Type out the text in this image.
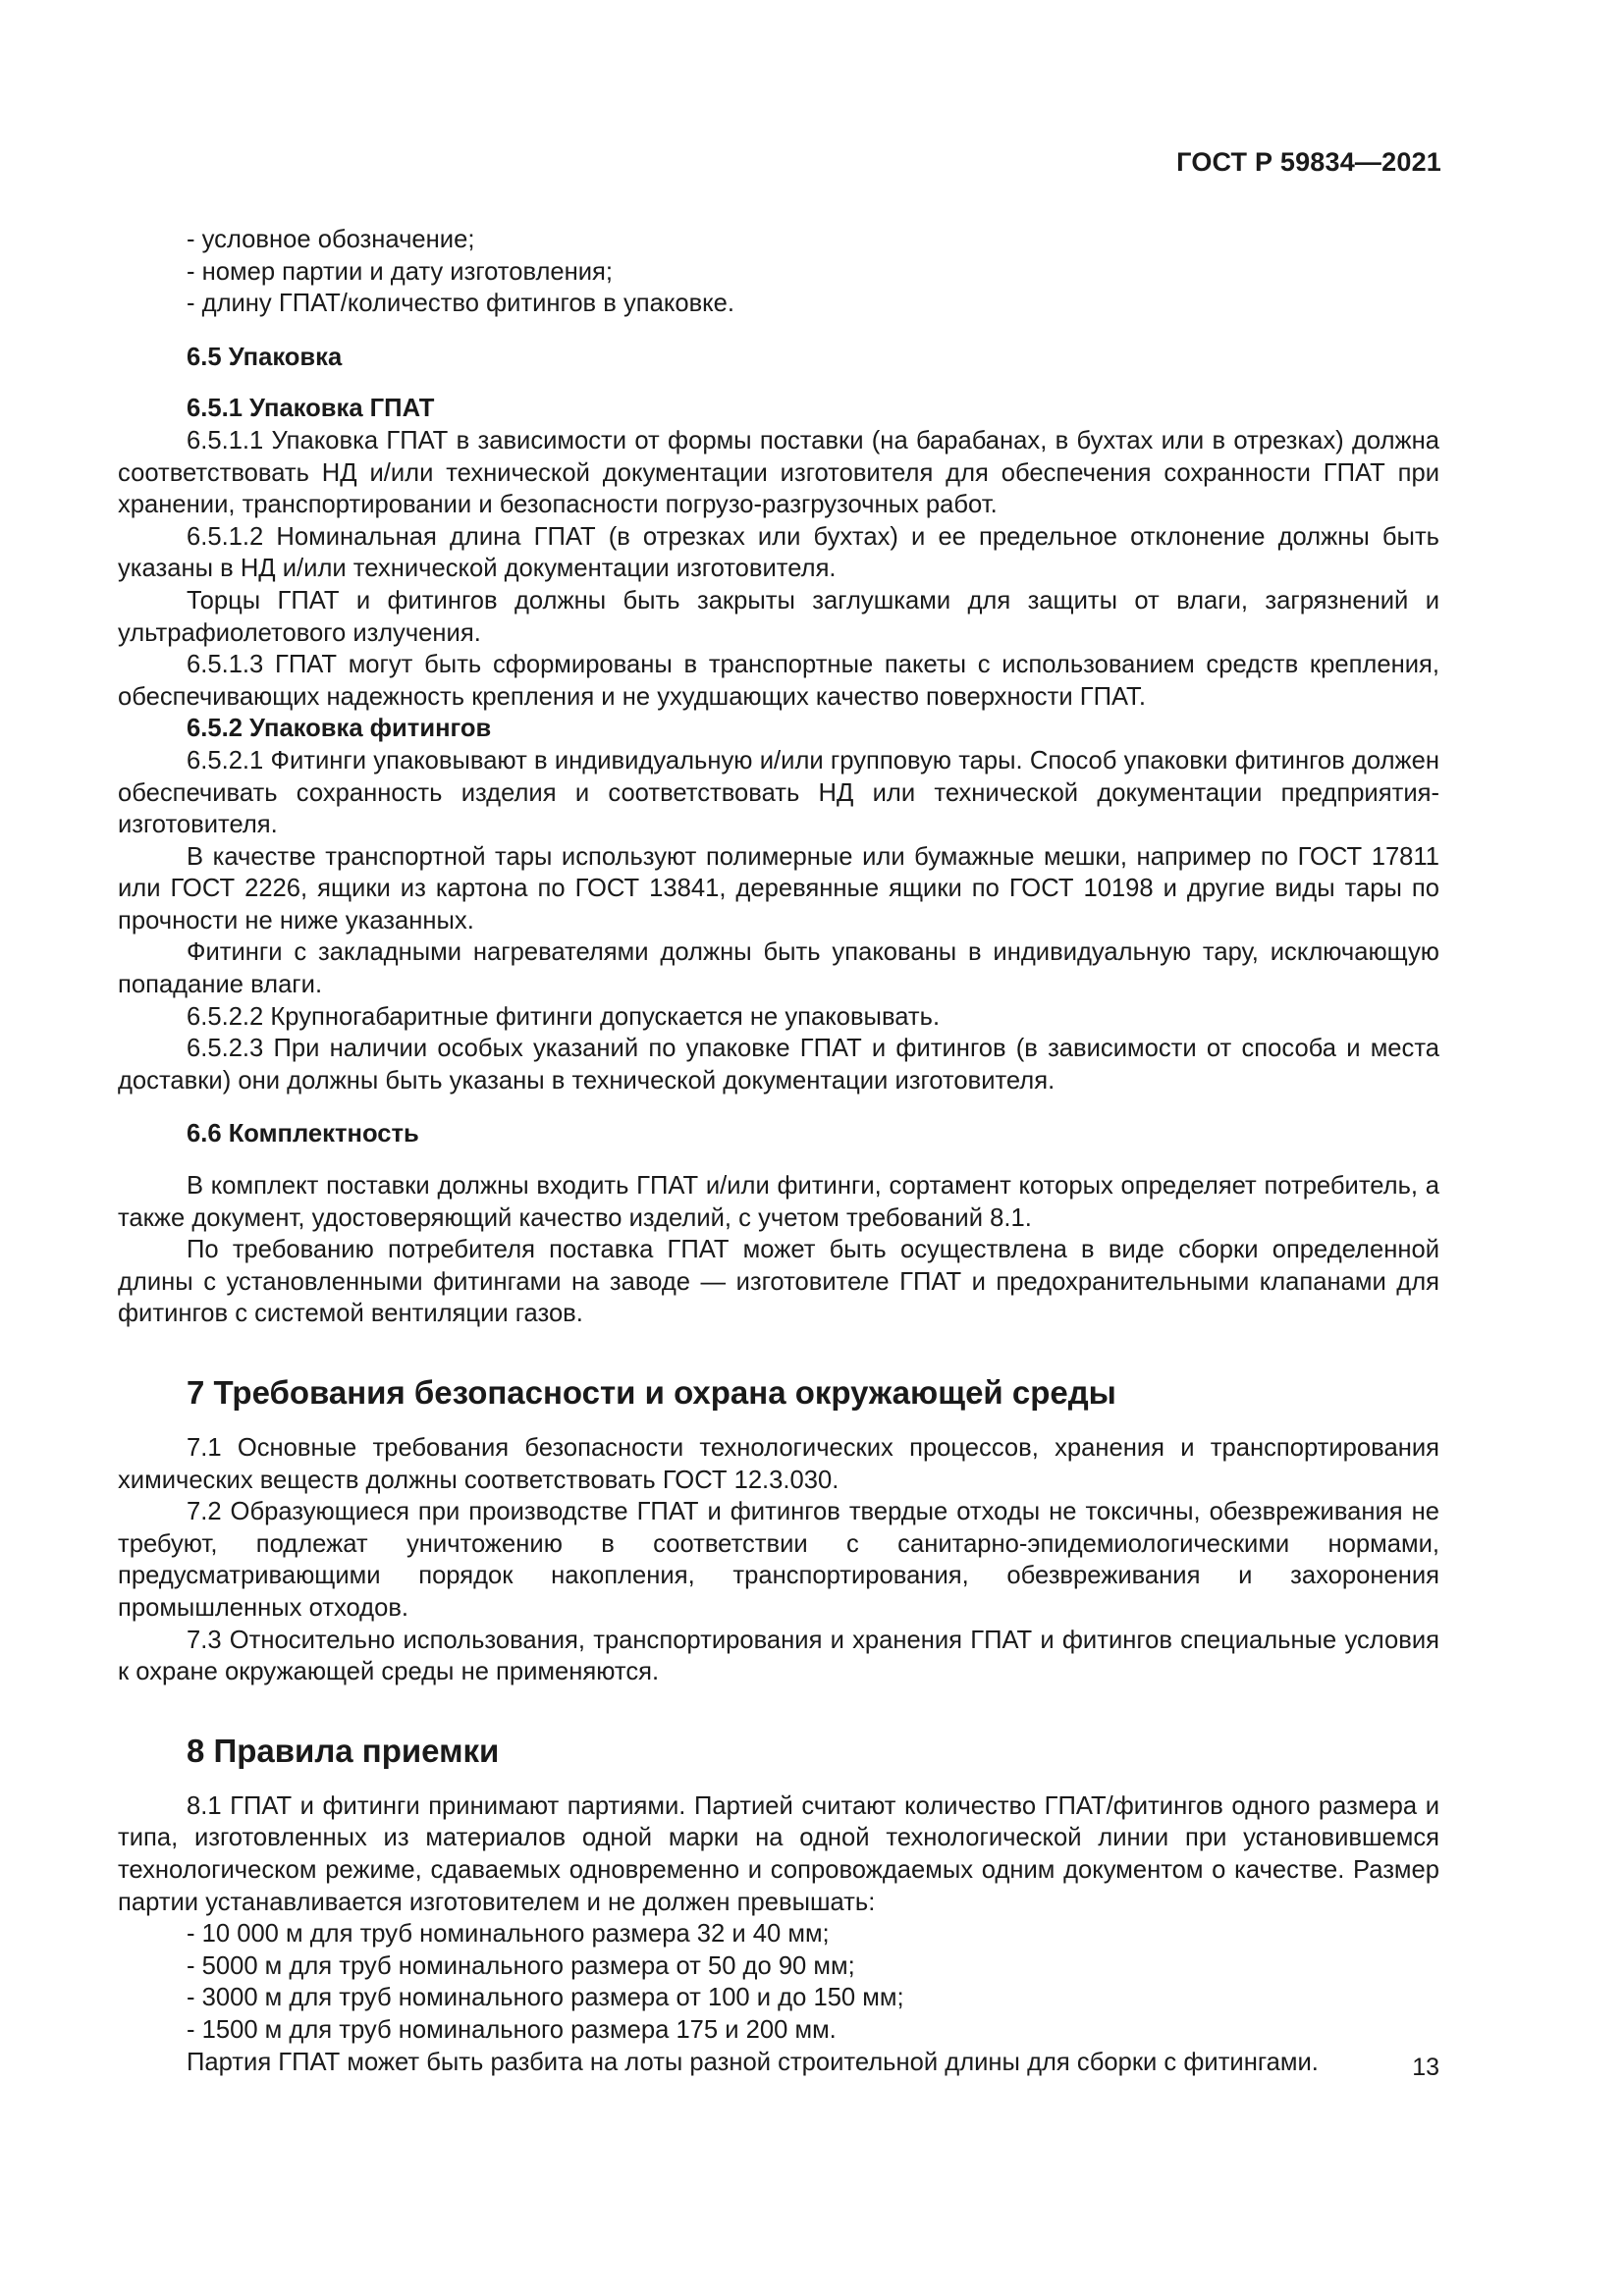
ГОСТ Р 59834—2021

- условное обозначение;

- номер партии и дату изготовления;

- длину ГПАТ/количество фитингов в упаковке.

6.5 Упаковка

6.5.1 Упаковка ГПАТ

6.5.1.1 Упаковка ГПАТ в зависимости от формы поставки (на барабанах, в бухтах или в отрезках) должна соответствовать НД и/или технической документации изготовителя для обеспечения сохранности ГПАТ при хранении, транспортировании и безопасности погрузо-разгрузочных работ.

6.5.1.2 Номинальная длина ГПАТ (в отрезках или бухтах) и ее предельное отклонение должны быть указаны в НД и/или технической документации изготовителя.

Торцы ГПАТ и фитингов должны быть закрыты заглушками для защиты от влаги, загрязнений и ультрафиолетового излучения.

6.5.1.3 ГПАТ могут быть сформированы в транспортные пакеты с использованием средств крепления, обеспечивающих надежность крепления и не ухудшающих качество поверхности ГПАТ.

6.5.2 Упаковка фитингов

6.5.2.1 Фитинги упаковывают в индивидуальную и/или групповую тары. Способ упаковки фитингов должен обеспечивать сохранность изделия и соответствовать НД или технической документации предприятия-изготовителя.

В качестве транспортной тары используют полимерные или бумажные мешки, например по ГОСТ 17811 или ГОСТ 2226, ящики из картона по ГОСТ 13841, деревянные ящики по ГОСТ 10198 и другие виды тары по прочности не ниже указанных.

Фитинги с закладными нагревателями должны быть упакованы в индивидуальную тару, исключающую попадание влаги.

6.5.2.2 Крупногабаритные фитинги допускается не упаковывать.

6.5.2.3 При наличии особых указаний по упаковке ГПАТ и фитингов (в зависимости от способа и места доставки) они должны быть указаны в технической документации изготовителя.

6.6 Комплектность

В комплект поставки должны входить ГПАТ и/или фитинги, сортамент которых определяет потребитель, а также документ, удостоверяющий качество изделий, с учетом требований 8.1.

По требованию потребителя поставка ГПАТ может быть осуществлена в виде сборки определенной длины с установленными фитингами на заводе — изготовителе ГПАТ и предохранительными клапанами для фитингов с системой вентиляции газов.

7 Требования безопасности и охрана окружающей среды

7.1 Основные требования безопасности технологических процессов, хранения и транспортирования химических веществ должны соответствовать ГОСТ 12.3.030.

7.2 Образующиеся при производстве ГПАТ и фитингов твердые отходы не токсичны, обезвреживания не требуют, подлежат уничтожению в соответствии с санитарно-эпидемиологическими нормами, предусматривающими порядок накопления, транспортирования, обезвреживания и захоронения промышленных отходов.

7.3 Относительно использования, транспортирования и хранения ГПАТ и фитингов специальные условия к охране окружающей среды не применяются.

8 Правила приемки

8.1 ГПАТ и фитинги принимают партиями. Партией считают количество ГПАТ/фитингов одного размера и типа, изготовленных из материалов одной марки на одной технологической линии при установившемся технологическом режиме, сдаваемых одновременно и сопровождаемых одним документом о качестве. Размер партии устанавливается изготовителем и не должен превышать:

- 10 000 м для труб номинального размера 32 и 40 мм;

- 5000 м для труб номинального размера от 50 до 90 мм;

- 3000 м для труб номинального размера от 100 и до 150 мм;

- 1500 м для труб номинального размера 175 и 200 мм.

Партия ГПАТ может быть разбита на лоты разной строительной длины для сборки с фитингами.	13
